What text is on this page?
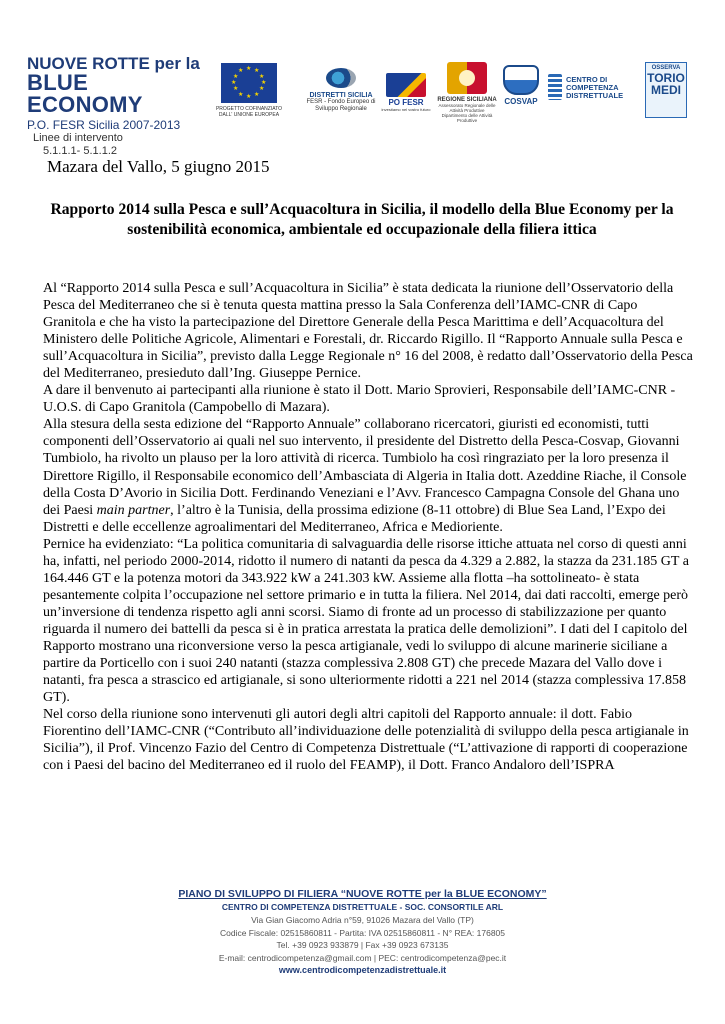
NUOVE ROTTE per la
BLUE ECONOMY
P.O. FESR Sicilia 2007-2013
Linee di intervento
5.1.1.1- 5.1.1.2
★ ★
★
★
★
★
★
★
★
★
★
★
PROGETTO COFINANZIATO DALL' UNIONE EUROPEA
DISTRETTI SICILIA
FESR - Fondo Europeo di Sviluppo Regionale
PO FESR
investiamo nel vostro futuro
REGIONE SICILIANA
Assessorato Regionale delle Attività Produttive Dipartimento delle Attività Produttive
COSVAP
CENTRO DI
COMPETENZA
DISTRETTUALE
OSSERVA
TORIO
MEDI
Mazara del Vallo, 5 giugno 2015
Rapporto 2014 sulla Pesca e sull’Acquacoltura in Sicilia, il modello della Blue Economy per la sostenibilità economica, ambientale ed occupazionale della filiera ittica

Al “Rapporto 2014 sulla Pesca e sull’Acquacoltura in Sicilia” è stata dedicata la riunione dell’Osservatorio della Pesca del Mediterraneo che si è tenuta questa mattina presso la Sala Conferenza dell’IAMC-CNR di Capo Granitola e che ha visto la partecipazione del Direttore Generale della Pesca Marittima e dell’Acquacoltura del Ministero delle Politiche Agricole, Alimentari e Forestali, dr. Riccardo Rigillo. Il “Rapporto Annuale sulla Pesca e sull’Acquacoltura in Sicilia”, previsto dalla Legge Regionale n° 16 del 2008, è redatto dall’Osservatorio della Pesca del Mediterraneo, presieduto dall’Ing. Giuseppe Pernice.

A dare il benvenuto ai partecipanti alla riunione è stato il Dott. Mario Sprovieri, Responsabile dell’IAMC-CNR - U.O.S. di Capo Granitola (Campobello di Mazara).

Alla stesura della sesta edizione del “Rapporto Annuale” collaborano ricercatori, giuristi ed economisti, tutti componenti dell’Osservatorio ai quali nel suo intervento, il presidente del Distretto della Pesca-Cosvap, Giovanni Tumbiolo, ha rivolto un plauso per la loro attività di ricerca. Tumbiolo ha così ringraziato per la loro presenza il Direttore Rigillo, il Responsabile economico dell’Ambasciata di Algeria in Italia dott. Azeddine Riache, il Console della Costa D’Avorio in Sicilia Dott. Ferdinando Veneziani e l’Avv. Francesco Campagna Console del Ghana uno dei Paesi main partner, l’altro è la Tunisia, della prossima edizione (8-11 ottobre) di Blue Sea Land, l’Expo dei Distretti e delle eccellenze agroalimentari del Mediterraneo, Africa e Medioriente.

Pernice ha evidenziato: “La politica comunitaria di salvaguardia delle risorse ittiche attuata nel corso di questi anni ha, infatti, nel periodo 2000-2014, ridotto il numero di natanti da pesca da 4.329 a 2.882, la stazza da 231.185 GT a 164.446 GT e la potenza motori da 343.922 kW a 241.303 kW. Assieme alla flotta –ha sottolineato- è stata pesantemente colpita l’occupazione nel settore primario e in tutta la filiera. Nel 2014, dai dati raccolti, emerge però un’inversione di tendenza rispetto agli anni scorsi. Siamo di fronte ad un processo di stabilizzazione per quanto riguarda il numero dei battelli da pesca si è in pratica arrestata la pratica delle demolizioni”. I dati del I capitolo del Rapporto mostrano una riconversione verso la pesca artigianale, vedi lo sviluppo di alcune marinerie siciliane a partire da Porticello con i suoi 240 natanti (stazza complessiva 2.808 GT) che precede Mazara del Vallo dove i natanti, fra pesca a strascico ed artigianale, si sono ulteriormente ridotti a 221 nel 2014 (stazza complessiva 17.858 GT).

Nel corso della riunione sono intervenuti gli autori degli altri capitoli del Rapporto annuale: il dott. Fabio Fiorentino dell’IAMC-CNR (“Contributo all’individuazione delle potenzialità di sviluppo della pesca artigianale in Sicilia”), il Prof. Vincenzo Fazio del Centro di Competenza Distrettuale (“L’attivazione di rapporti di cooperazione con i Paesi del bacino del Mediterraneo ed il ruolo del FEAMP), il Dott. Franco Andaloro dell’ISPRA

PIANO DI SVILUPPO DI FILIERA “NUOVE ROTTE per la BLUE ECONOMY”
CENTRO DI COMPETENZA DISTRETTUALE - SOC. CONSORTILE ARL
Via Gian Giacomo Adria n°59, 91026 Mazara del Vallo (TP)
Codice Fiscale: 02515860811 - Partita: IVA 02515860811 - N° REA: 176805
Tel. +39 0923 933879 | Fax +39 0923 673135
E-mail: centrodicompetenza@gmail.com | PEC: centrodicompetenza@pec.it
www.centrodicompetenzadistrettuale.it
